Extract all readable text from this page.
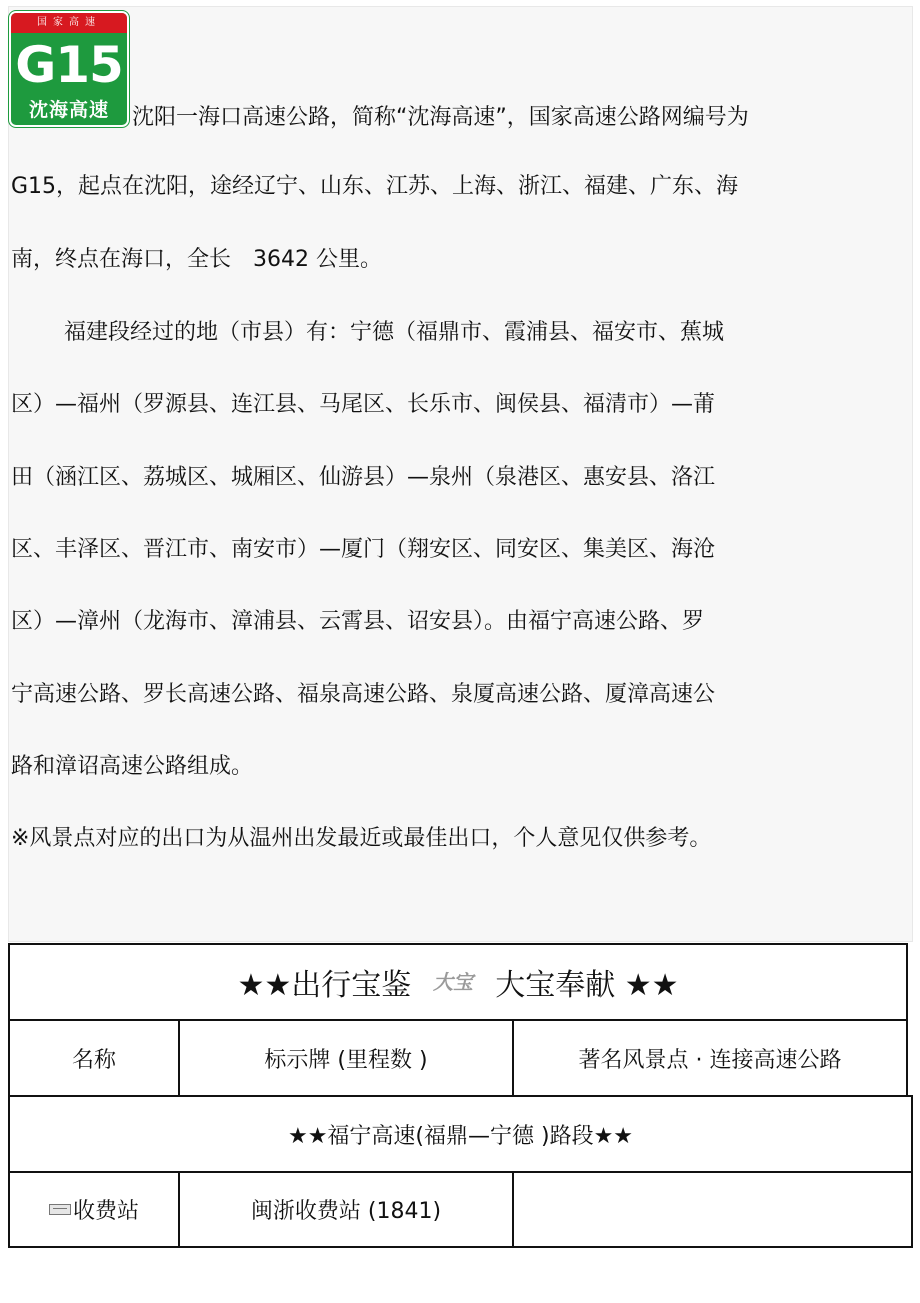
国家高速
G15
沈海高速	沈阳一海口高速公路，简称“沈海高速”，国家高速公路网编号为
G15，起点在沈阳，途经辽宁、山东、江苏、上海、浙江、福建、广东、海
南，终点在海口，全长　3642 公里。
福建段经过的地（市县）有：宁德（福鼎市、霞浦县、福安市、蕉城
区）—福州（罗源县、连江县、马尾区、长乐市、闽侯县、福清市）—莆
田（涵江区、荔城区、城厢区、仙游县）—泉州（泉港区、惠安县、洛江
区、丰泽区、晋江市、南安市）—厦门（翔安区、同安区、集美区、海沧
区）—漳州（龙海市、漳浦县、云霄县、诏安县）。由福宁高速公路、罗
宁高速公路、罗长高速公路、福泉高速公路、泉厦高速公路、厦漳高速公
路和漳诏高速公路组成。
※风景点对应的出口为从温州出发最近或最佳出口，个人意见仅供参考。
★★出行宝鉴 大宝 大宝奉献 ★★
名称	标示牌 (里程数 )	著名风景点 · 连接高速公路
★★福宁高速(福鼎—宁德 )路段★★
收费站	闽浙收费站 (1841)
